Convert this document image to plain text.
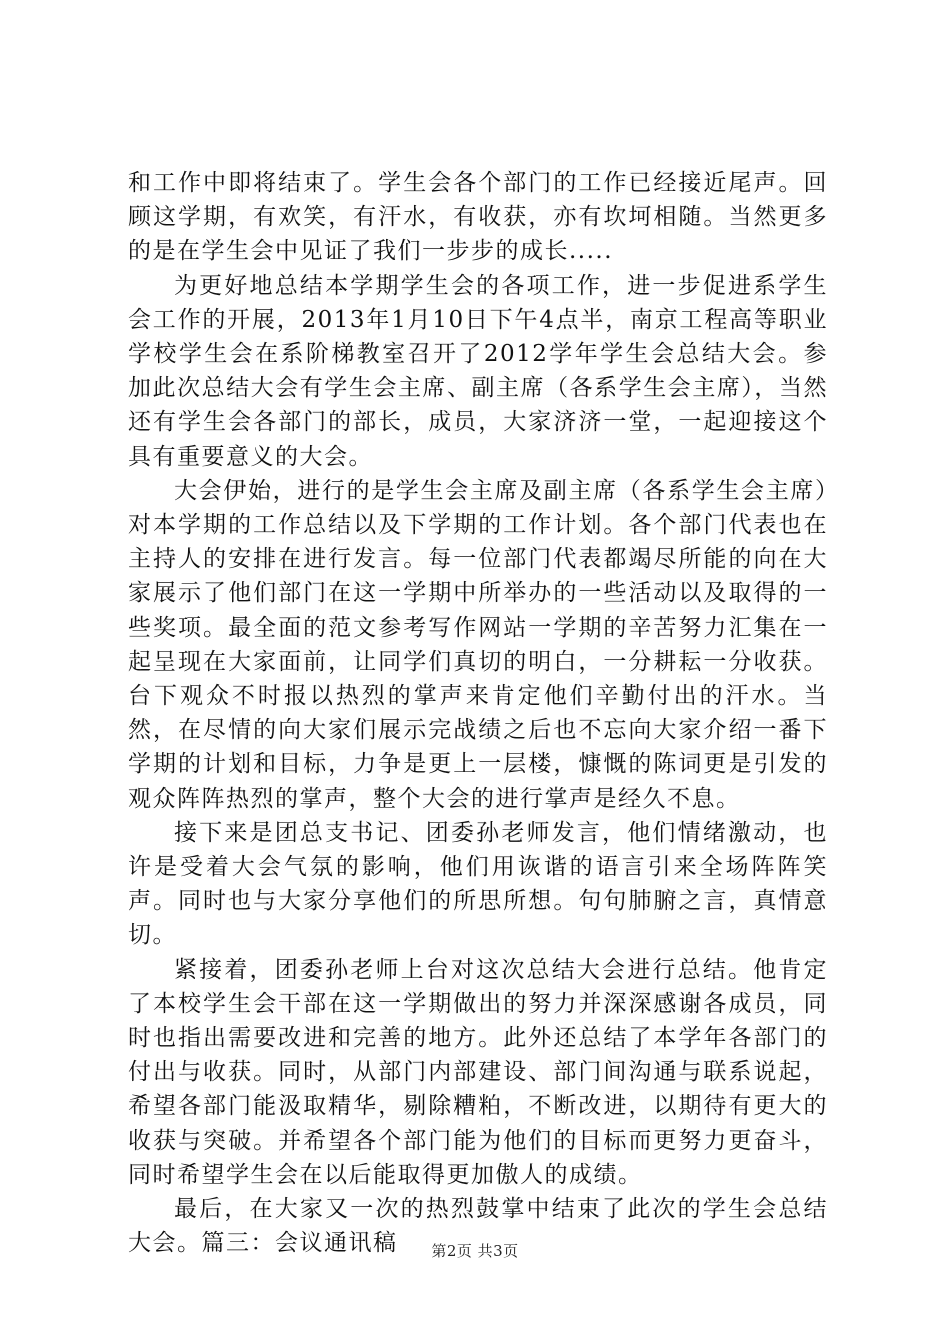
和工作中即将结束了。学生会各个部门的工作已经接近尾声。回顾这学期，有欢笑，有汗水，有收获，亦有坎坷相随。当然更多的是在学生会中见证了我们一步步的成长.....

为更好地总结本学期学生会的各项工作，进一步促进系学生会工作的开展，2013年1月10日下午4点半，南京工程高等职业学校学生会在系阶梯教室召开了2012学年学生会总结大会。参加此次总结大会有学生会主席、副主席（各系学生会主席），当然还有学生会各部门的部长，成员，大家济济一堂，一起迎接这个具有重要意义的大会。

大会伊始，进行的是学生会主席及副主席（各系学生会主席）对本学期的工作总结以及下学期的工作计划。各个部门代表也在主持人的安排在进行发言。每一位部门代表都竭尽所能的向在大家展示了他们部门在这一学期中所举办的一些活动以及取得的一些奖项。最全面的范文参考写作网站一学期的辛苦努力汇集在一起呈现在大家面前，让同学们真切的明白，一分耕耘一分收获。台下观众不时报以热烈的掌声来肯定他们辛勤付出的汗水。当然，在尽情的向大家们展示完战绩之后也不忘向大家介绍一番下学期的计划和目标，力争是更上一层楼，慷慨的陈词更是引发的观众阵阵热烈的掌声，整个大会的进行掌声是经久不息。

接下来是团总支书记、团委孙老师发言，他们情绪激动，也许是受着大会气氛的影响，他们用诙谐的语言引来全场阵阵笑声。同时也与大家分享他们的所思所想。句句肺腑之言，真情意切。

紧接着，团委孙老师上台对这次总结大会进行总结。他肯定了本校学生会干部在这一学期做出的努力并深深感谢各成员，同时也指出需要改进和完善的地方。此外还总结了本学年各部门的付出与收获。同时，从部门内部建设、部门间沟通与联系说起，希望各部门能汲取精华，剔除糟粕，不断改进，以期待有更大的收获与突破。并希望各个部门能为他们的目标而更努力更奋斗，同时希望学生会在以后能取得更加傲人的成绩。

最后，在大家又一次的热烈鼓掌中结束了此次的学生会总结大会。篇三：会议通讯稿	第2页 共3页
